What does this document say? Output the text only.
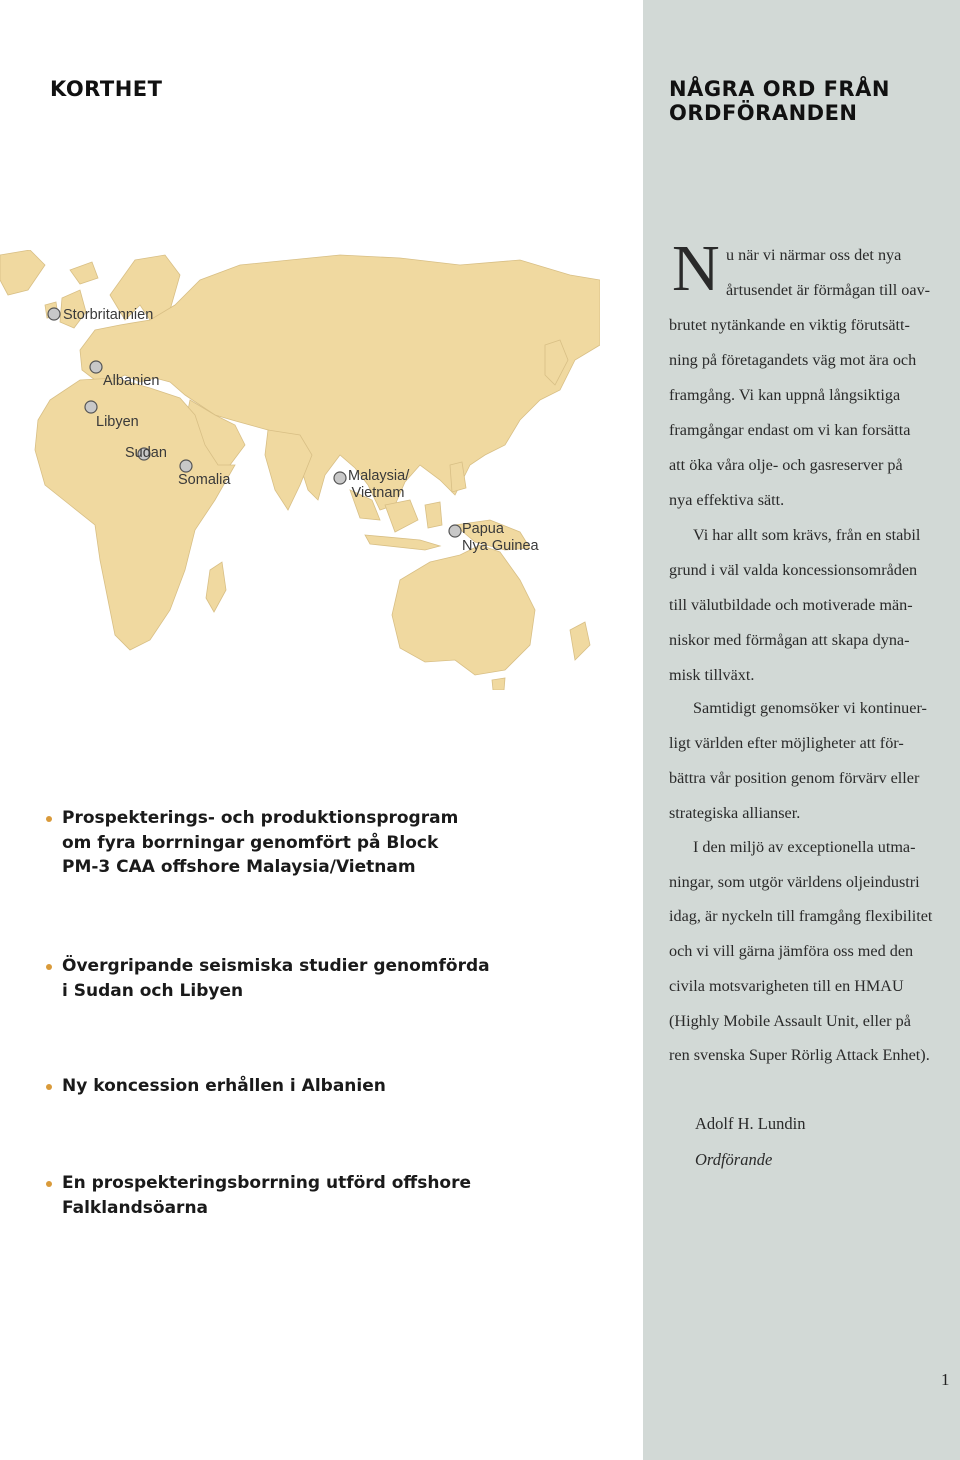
KORTHET	NÅGRA ORD FRÅN
ORDFÖRANDEN
Storbritannien
Albanien
Libyen
Sudan
Somalia	Malaysia/
Vietnam
Papua
Nya Guinea
Prospekterings- och produktionsprogram
om fyra borrningar genomfört på Block
PM-3 CAA offshore Malaysia/Vietnam
Övergripande seismiska studier genomförda
i Sudan och Libyen
Ny koncession erhållen i Albanien
En prospekteringsborrning utförd offshore
Falklandsöarna
N u när vi närmar oss det nya
årtusendet är förmågan till oav-
brutet nytänkande en viktig förutsätt-
ning på företagandets väg mot ära och
framgång. Vi kan uppnå långsiktiga
framgångar endast om vi kan forsätta
att öka våra olje- och gasreserver på
nya effektiva sätt.
Vi har allt som krävs, från en stabil
grund i väl valda koncessionsområden
till välutbildade och motiverade män-
niskor med förmågan att skapa dyna-
misk tillväxt.
Samtidigt genomsöker vi kontinuer-
ligt världen efter möjligheter att för-
bättra vår position genom förvärv eller
strategiska allianser.
I den miljö av exceptionella utma-
ningar, som utgör världens oljeindustri
idag, är nyckeln till framgång flexibilitet
och vi vill gärna jämföra oss med den
civila motsvarigheten till en HMAU
(Highly Mobile Assault Unit, eller på
ren svenska Super Rörlig Attack Enhet).
Adolf H. Lundin
Ordförande
1
